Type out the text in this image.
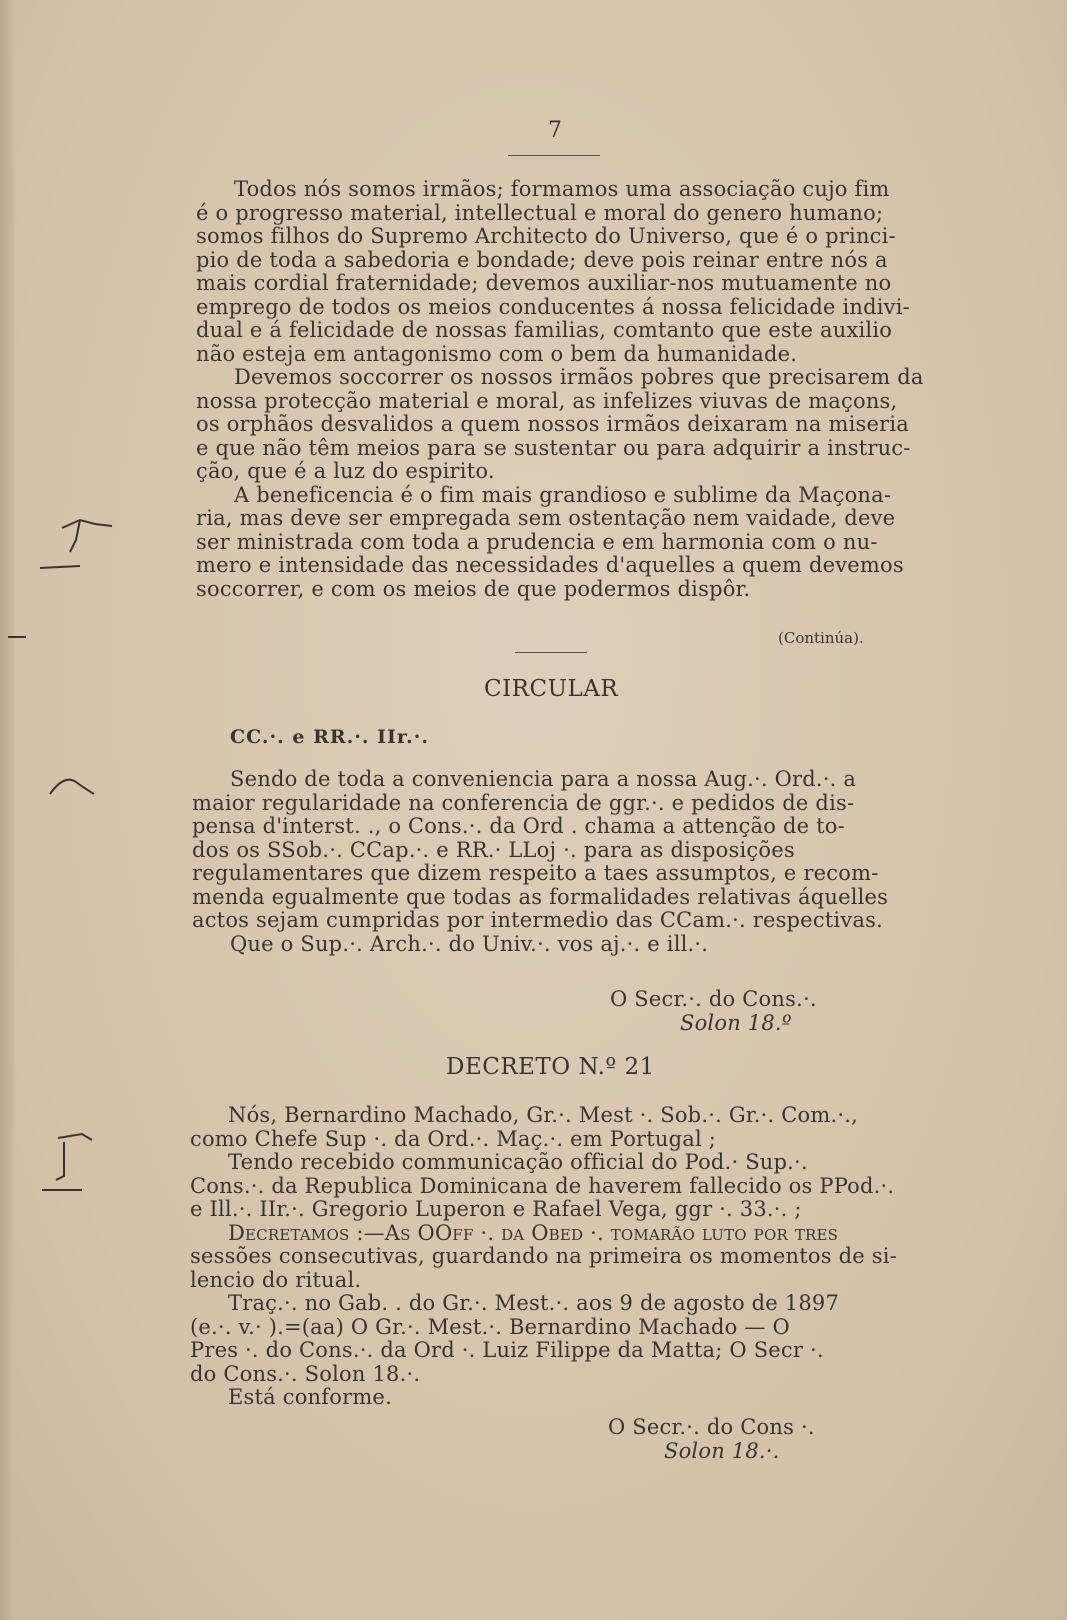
7
Todos nós somos irmãos; formamos uma associação cujo fim
é o progresso material, intellectual e moral do genero humano;
somos filhos do Supremo Architecto do Universo, que é o princi-
pio de toda a sabedoria e bondade; deve pois reinar entre nós a
mais cordial fraternidade; devemos auxiliar-nos mutuamente no
emprego de todos os meios conducentes á nossa felicidade indivi-
dual e á felicidade de nossas familias, comtanto que este auxilio
não esteja em antagonismo com o bem da humanidade.
Devemos soccorrer os nossos irmãos pobres que precisarem da
nossa protecção material e moral, as infelizes viuvas de maçons,
os orphãos desvalidos a quem nossos irmãos deixaram na miseria
e que não têm meios para se sustentar ou para adquirir a instruc-
ção, que é a luz do espirito.
A beneficencia é o fim mais grandioso e sublime da Maçona-
ria, mas deve ser empregada sem ostentação nem vaidade, deve
ser ministrada com toda a prudencia e em harmonia com o nu-
mero e intensidade das necessidades d'aquelles a quem devemos
soccorrer, e com os meios de que podermos dispôr.
(Continúa).
CIRCULAR
CC.·. e RR.·. IIr.·.
Sendo de toda a conveniencia para a nossa Aug.·. Ord.·. a
maior regularidade na conferencia de ggr.·. e pedidos de dis-
pensa d'interst. ., o Cons.·. da Ord . chama a attenção de to-
dos os SSob.·. CCap.·. e RR.· LLoj ·. para as disposições
regulamentares que dizem respeito a taes assumptos, e recom-
menda egualmente que todas as formalidades relativas áquelles
actos sejam cumpridas por intermedio das CCam.·. respectivas.
Que o Sup.·. Arch.·. do Univ.·. vos aj.·. e ill.·.
O Secr.·. do Cons.·.
Solon 18.º
DECRETO N.º 21
Nós, Bernardino Machado, Gr.·. Mest ·. Sob.·. Gr.·. Com.·.,
como Chefe Sup ·. da Ord.·. Maç.·. em Portugal ;
Tendo recebido communicação official do Pod.· Sup.·.
Cons.·. da Republica Dominicana de haverem fallecido os PPod.·.
e Ill.·. IIr.·. Gregorio Luperon e Rafael Vega, ggr ·. 33.·. ;
Decretamos :—As OOff ·. da Obed ·. tomarão luto por tres
sessões consecutivas, guardando na primeira os momentos de si-
lencio do ritual.
Traç.·. no Gab. . do Gr.·. Mest.·. aos 9 de agosto de 1897
(e.·. v.· ).=(aa) O Gr.·. Mest.·. Bernardino Machado — O
Pres ·. do Cons.·. da Ord ·. Luiz Filippe da Matta; O Secr ·.
do Cons.·. Solon 18.·.
Está conforme.
O Secr.·. do Cons ·.
Solon 18.·.
